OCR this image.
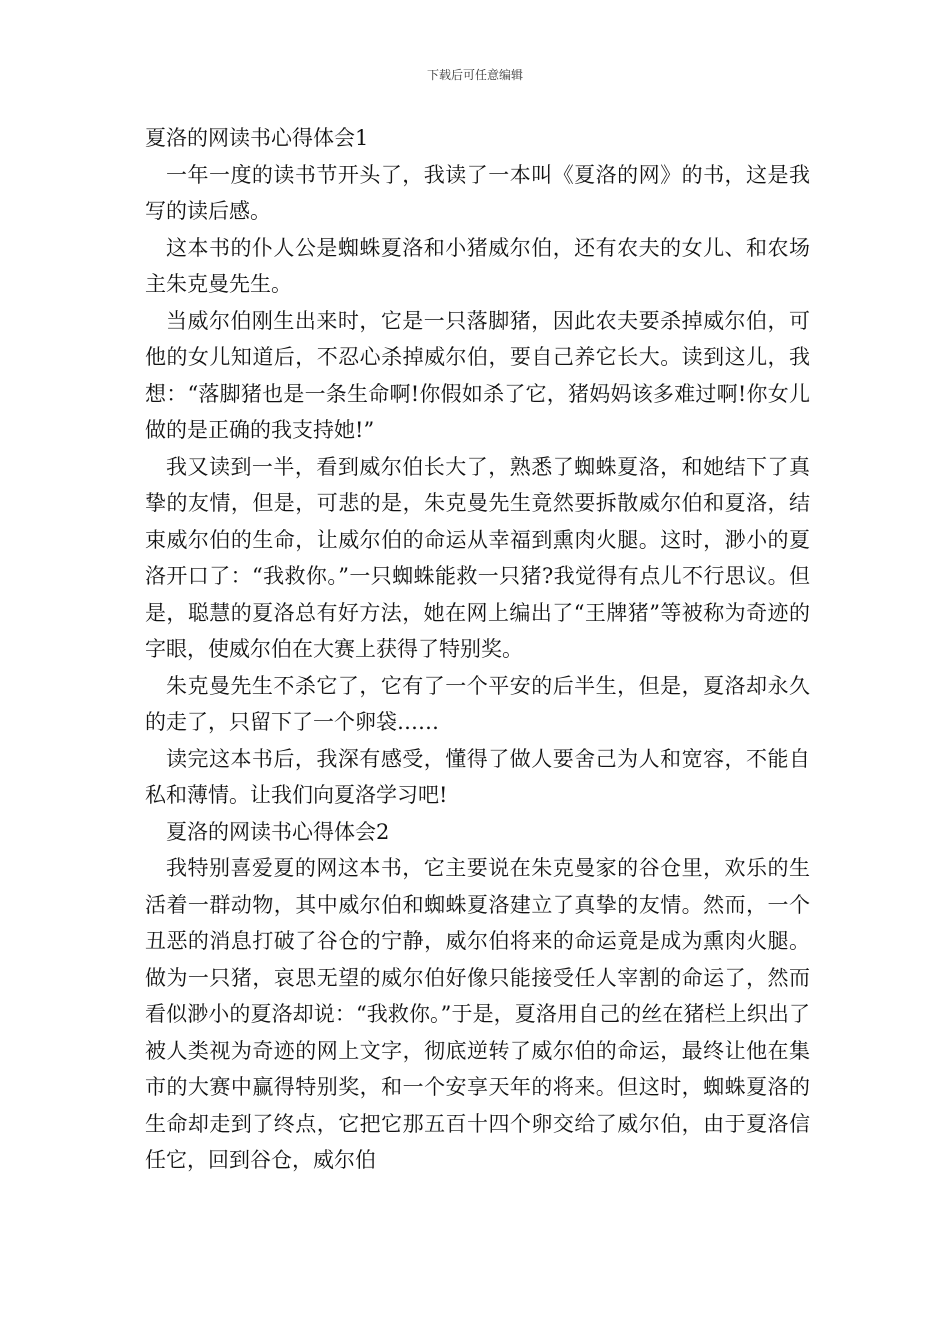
下载后可任意编辑

夏洛的网读书心得体会1

一年一度的读书节开头了，我读了一本叫《夏洛的网》的书，这是我写的读后感。

这本书的仆人公是蜘蛛夏洛和小猪威尔伯，还有农夫的女儿、和农场主朱克曼先生。

当威尔伯刚生出来时，它是一只落脚猪，因此农夫要杀掉威尔伯，可他的女儿知道后，不忍心杀掉威尔伯，要自己养它长大。读到这儿，我想：“落脚猪也是一条生命啊!你假如杀了它，猪妈妈该多难过啊!你女儿做的是正确的我支持她!”

我又读到一半，看到威尔伯长大了，熟悉了蜘蛛夏洛，和她结下了真挚的友情，但是，可悲的是，朱克曼先生竟然要拆散威尔伯和夏洛，结束威尔伯的生命，让威尔伯的命运从幸福到熏肉火腿。这时，渺小的夏洛开口了：“我救你。”一只蜘蛛能救一只猪?我觉得有点儿不行思议。但是，聪慧的夏洛总有好方法，她在网上编出了“王牌猪”等被称为奇迹的字眼，使威尔伯在大赛上获得了特别奖。

朱克曼先生不杀它了，它有了一个平安的后半生，但是，夏洛却永久的走了，只留下了一个卵袋……

读完这本书后，我深有感受，懂得了做人要舍己为人和宽容，不能自私和薄情。让我们向夏洛学习吧!

夏洛的网读书心得体会2

我特别喜爱夏的网这本书，它主要说在朱克曼家的谷仓里，欢乐的生活着一群动物，其中威尔伯和蜘蛛夏洛建立了真挚的友情。然而，一个丑恶的消息打破了谷仓的宁静，威尔伯将来的命运竟是成为熏肉火腿。做为一只猪，哀思无望的威尔伯好像只能接受任人宰割的命运了，然而看似渺小的夏洛却说：“我救你。”于是，夏洛用自己的丝在猪栏上织出了被人类视为奇迹的网上文字，彻底逆转了威尔伯的命运，最终让他在集市的大赛中赢得特别奖，和一个安享天年的将来。但这时，蜘蛛夏洛的生命却走到了终点，它把它那五百十四个卵交给了威尔伯，由于夏洛信任它，回到谷仓，威尔伯
